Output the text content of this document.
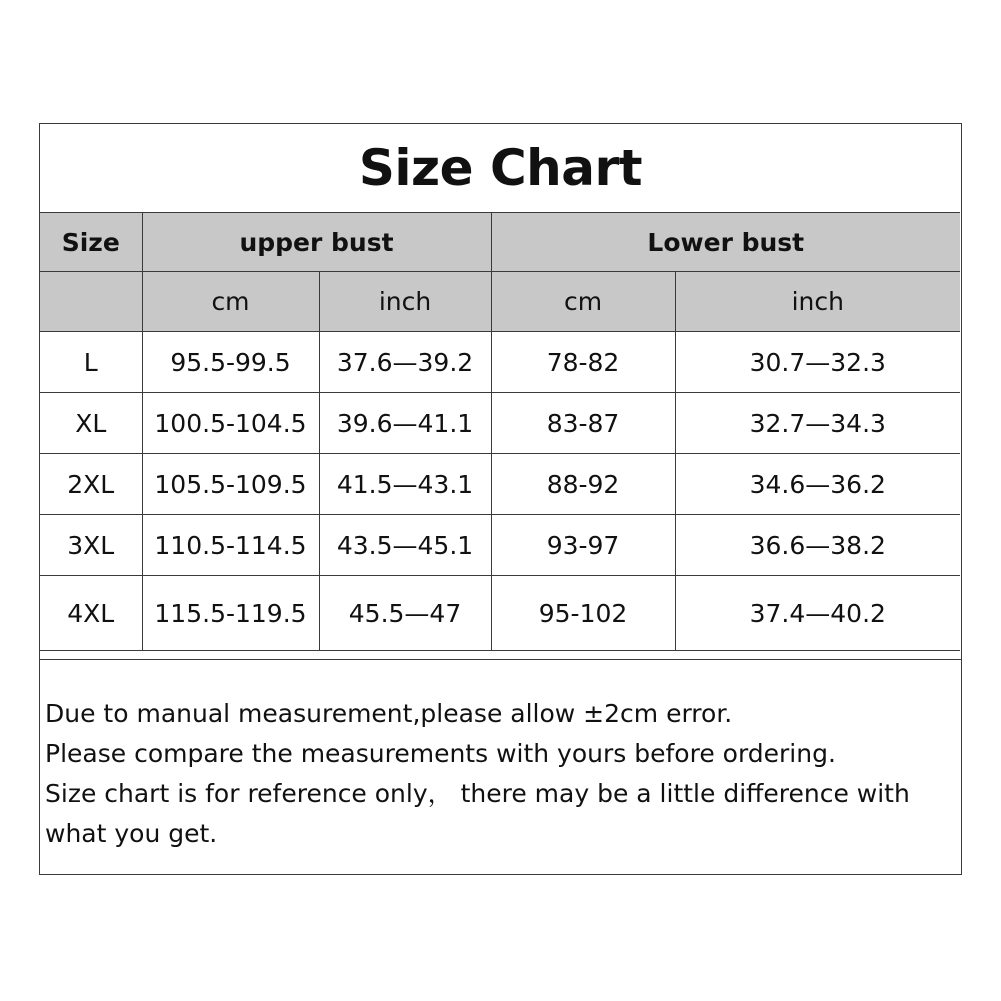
Size Chart
Size	upper bust		Lower bust	
	cm	inch	cm	inch
L	95.5-99.5	37.6—39.2	78-82	30.7—32.3
XL	100.5-104.5	39.6—41.1	83-87	32.7—34.3
2XL	105.5-109.5	41.5—43.1	88-92	34.6—36.2
3XL	110.5-114.5	43.5—45.1	93-97	36.6—38.2
4XL	115.5-119.5	45.5—47	95-102	37.4—40.2

Due to manual measurement,please allow ±2cm error.

Please compare the measurements with yours before ordering.

Size chart is for reference only， there may be a little difference with what you get.
